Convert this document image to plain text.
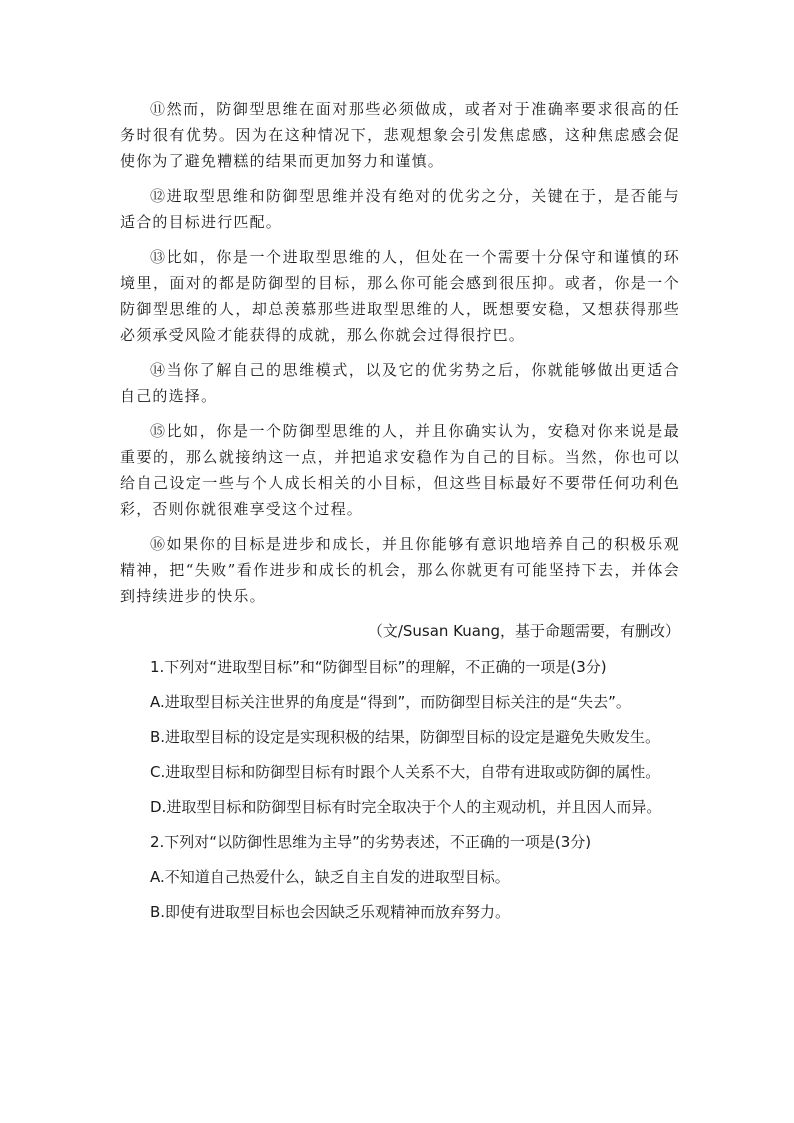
⑪然而，防御型思维在面对那些必须做成，或者对于准确率要求很高的任务时很有优势。因为在这种情况下，悲观想象会引发焦虑感，这种焦虑感会促使你为了避免糟糕的结果而更加努力和谨慎。

⑫进取型思维和防御型思维并没有绝对的优劣之分，关键在于，是否能与适合的目标进行匹配。

⑬比如，你是一个进取型思维的人，但处在一个需要十分保守和谨慎的环境里，面对的都是防御型的目标，那么你可能会感到很压抑。或者，你是一个防御型思维的人，却总羡慕那些进取型思维的人，既想要安稳，又想获得那些必须承受风险才能获得的成就，那么你就会过得很拧巴。

⑭当你了解自己的思维模式，以及它的优劣势之后，你就能够做出更适合自己的选择。

⑮比如，你是一个防御型思维的人，并且你确实认为，安稳对你来说是最重要的，那么就接纳这一点，并把追求安稳作为自己的目标。当然，你也可以给自己设定一些与个人成长相关的小目标，但这些目标最好不要带任何功利色彩，否则你就很难享受这个过程。

⑯如果你的目标是进步和成长，并且你能够有意识地培养自己的积极乐观精神，把“失败”看作进步和成长的机会，那么你就更有可能坚持下去，并体会到持续进步的快乐。

（文/Susan Kuang，基于命题需要，有删改）

1.下列对“进取型目标”和“防御型目标”的理解，不正确的一项是(3分)

A.进取型目标关注世界的角度是“得到”，而防御型目标关注的是“失去”。

B.进取型目标的设定是实现积极的结果，防御型目标的设定是避免失败发生。

C.进取型目标和防御型目标有时跟个人关系不大，自带有进取或防御的属性。

D.进取型目标和防御型目标有时完全取决于个人的主观动机，并且因人而异。

2.下列对“以防御性思维为主导”的劣势表述，不正确的一项是(3分)

A.不知道自己热爱什么，缺乏自主自发的进取型目标。

B.即使有进取型目标也会因缺乏乐观精神而放弃努力。
